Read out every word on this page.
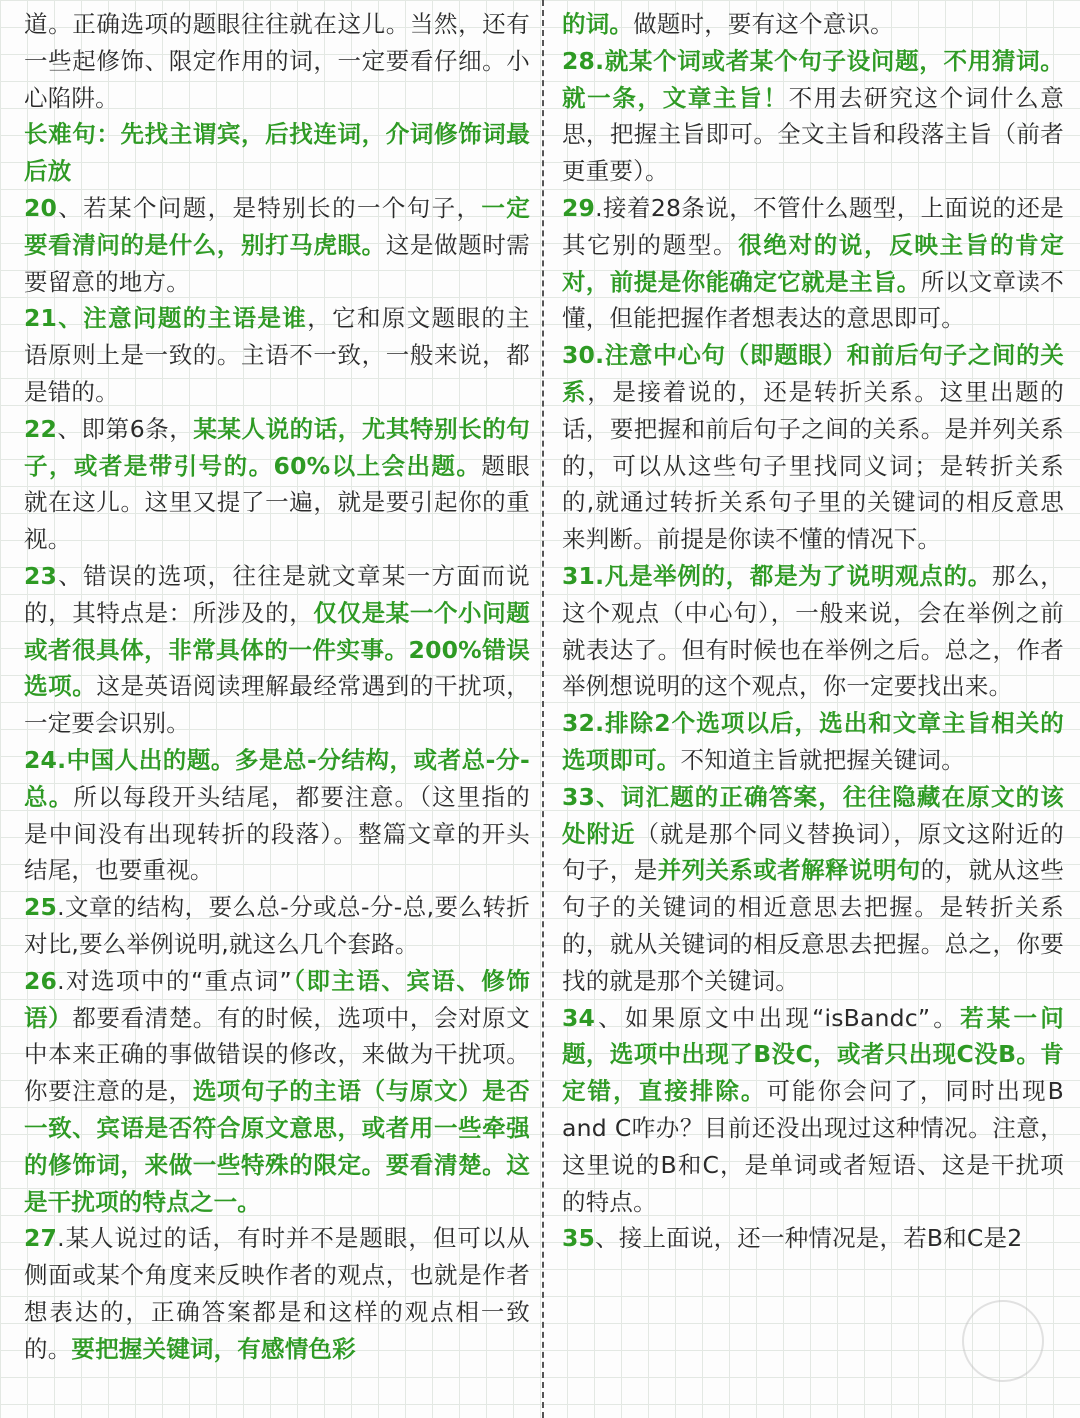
道。正确选项的题眼往往就在这儿。当然，还有一些起修饰、限定作用的词，一定要看仔细。小心陷阱。

长难句：先找主谓宾，后找连词，介词修饰词最后放

20、若某个问题，是特别长的一个句子，一定要看清问的是什么，别打马虎眼。这是做题时需要留意的地方。

21、注意问题的主语是谁，它和原文题眼的主语原则上是一致的。主语不一致，一般来说，都是错的。

22、即第6条，某某人说的话，尤其特别长的句子，或者是带引号的。60%以上会出题。题眼就在这儿。这里又提了一遍，就是要引起你的重视。

23、错误的选项，往往是就文章某一方面而说的，其特点是：所涉及的，仅仅是某一个小问题或者很具体，非常具体的一件实事。200%错误选项。这是英语阅读理解最经常遇到的干扰项，一定要会识别。

24.中国人出的题。多是总-分结构，或者总-分-总。所以每段开头结尾，都要注意。（这里指的是中间没有出现转折的段落）。整篇文章的开头结尾，也要重视。

25.文章的结构，要么总-分或总-分-总,要么转折对比,要么举例说明,就这么几个套路。

26.对选项中的“重点词”（即主语、宾语、修饰语）都要看清楚。有的时候，选项中，会对原文中本来正确的事做错误的修改，来做为干扰项。你要注意的是，选项句子的主语（与原文）是否一致、宾语是否符合原文意思，或者用一些牵强的修饰词，来做一些特殊的限定。要看清楚。这是干扰项的特点之一。

27.某人说过的话，有时并不是题眼，但可以从侧面或某个角度来反映作者的观点，也就是作者想表达的，正确答案都是和这样的观点相一致的。要把握关键词，有感情色彩

的词。做题时，要有这个意识。

28.就某个词或者某个句子设问题，不用猜词。就一条，文章主旨！不用去研究这个词什么意思，把握主旨即可。全文主旨和段落主旨（前者更重要）。

29.接着28条说，不管什么题型，上面说的还是其它别的题型。很绝对的说，反映主旨的肯定对，前提是你能确定它就是主旨。所以文章读不懂，但能把握作者想表达的意思即可。

30.注意中心句（即题眼）和前后句子之间的关系，是接着说的，还是转折关系。这里出题的话，要把握和前后句子之间的关系。是并列关系的，可以从这些句子里找同义词；是转折关系的,就通过转折关系句子里的关键词的相反意思来判断。前提是你读不懂的情况下。

31.凡是举例的，都是为了说明观点的。那么，这个观点（中心句），一般来说，会在举例之前就表达了。但有时候也在举例之后。总之，作者举例想说明的这个观点，你一定要找出来。

32.排除2个选项以后，选出和文章主旨相关的选项即可。不知道主旨就把握关键词。

33、词汇题的正确答案，往往隐藏在原文的该处附近（就是那个同义替换词），原文这附近的句子，是并列关系或者解释说明句的，就从这些句子的关键词的相近意思去把握。是转折关系的，就从关键词的相反意思去把握。总之，你要找的就是那个关键词。

34、如果原文中出现“isBandc”。若某一问题，选项中出现了B没C，或者只出现C没B。肯定错，直接排除。可能你会问了，同时出现B and C咋办？目前还没出现过这种情况。注意，这里说的B和C，是单词或者短语、这是干扰项的特点。

35、接上面说，还一种情况是，若B和C是2
